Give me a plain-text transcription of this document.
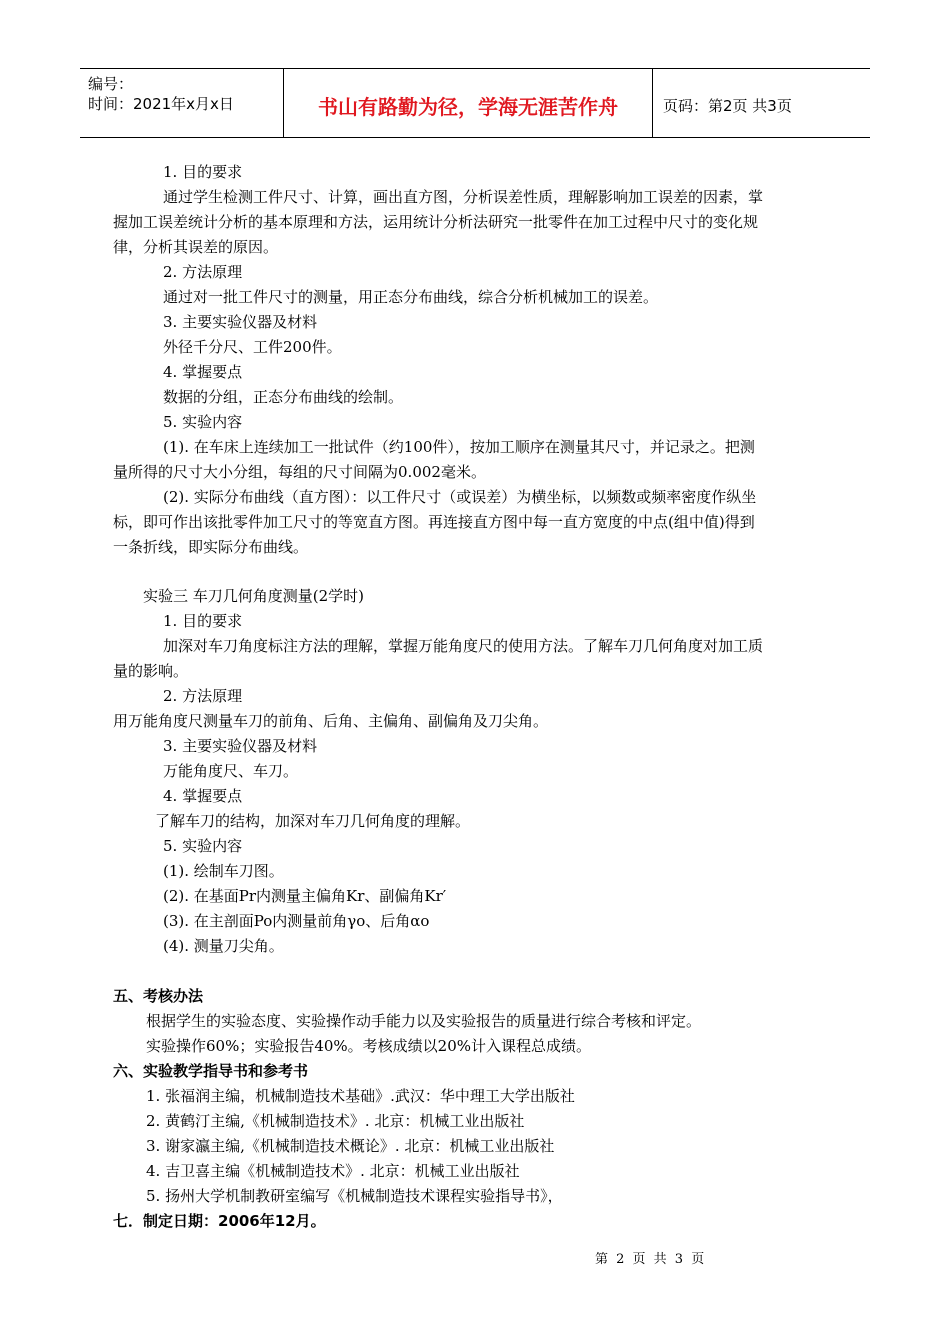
编号：
时间：2021年x月x日	书山有路勤为径，学海无涯苦作舟	页码：第2页 共3页
1. 目的要求
通过学生检测工件尺寸、计算，画出直方图，分析误差性质，理解影响加工误差的因素，掌
握加工误差统计分析的基本原理和方法，运用统计分析法研究一批零件在加工过程中尺寸的变化规
律，分析其误差的原因。
2. 方法原理
通过对一批工件尺寸的测量，用正态分布曲线，综合分析机械加工的误差。
3. 主要实验仪器及材料
外径千分尺、工件200件。
4. 掌握要点
数据的分组，正态分布曲线的绘制。
5. 实验内容
(1). 在车床上连续加工一批试件（约100件），按加工顺序在测量其尺寸，并记录之。把测
量所得的尺寸大小分组，每组的尺寸间隔为0.002毫米。
(2). 实际分布曲线（直方图）：以工件尺寸（或误差）为横坐标，以频数或频率密度作纵坐
标，即可作出该批零件加工尺寸的等宽直方图。再连接直方图中每一直方宽度的中点(组中值)得到
一条折线，即实际分布曲线。
实验三 车刀几何角度测量(2学时)
1. 目的要求
加深对车刀角度标注方法的理解，掌握万能角度尺的使用方法。了解车刀几何角度对加工质
量的影响。
2. 方法原理
用万能角度尺测量车刀的前角、后角、主偏角、副偏角及刀尖角。
3. 主要实验仪器及材料
万能角度尺、车刀。
4. 掌握要点
了解车刀的结构，加深对车刀几何角度的理解。
5. 实验内容
(1). 绘制车刀图。
(2). 在基面Pr内测量主偏角Kr、副偏角Kr′
(3). 在主剖面Po内测量前角γo、后角αo
(4). 测量刀尖角。
五、考核办法
根据学生的实验态度、实验操作动手能力以及实验报告的质量进行综合考核和评定。
实验操作60%；实验报告40%。考核成绩以20%计入课程总成绩。
六、实验教学指导书和参考书
1. 张福润主编，机械制造技术基础》.武汉：华中理工大学出版社
2. 黄鹤汀主编,《机械制造技术》. 北京：机械工业出版社
3. 谢家瀛主编,《机械制造技术概论》. 北京：机械工业出版社
4. 吉卫喜主编《机械制造技术》. 北京：机械工业出版社
5. 扬州大学机制教研室编写《机械制造技术课程实验指导书》，
七．制定日期：2006年12月。
第 2 页 共 3 页
